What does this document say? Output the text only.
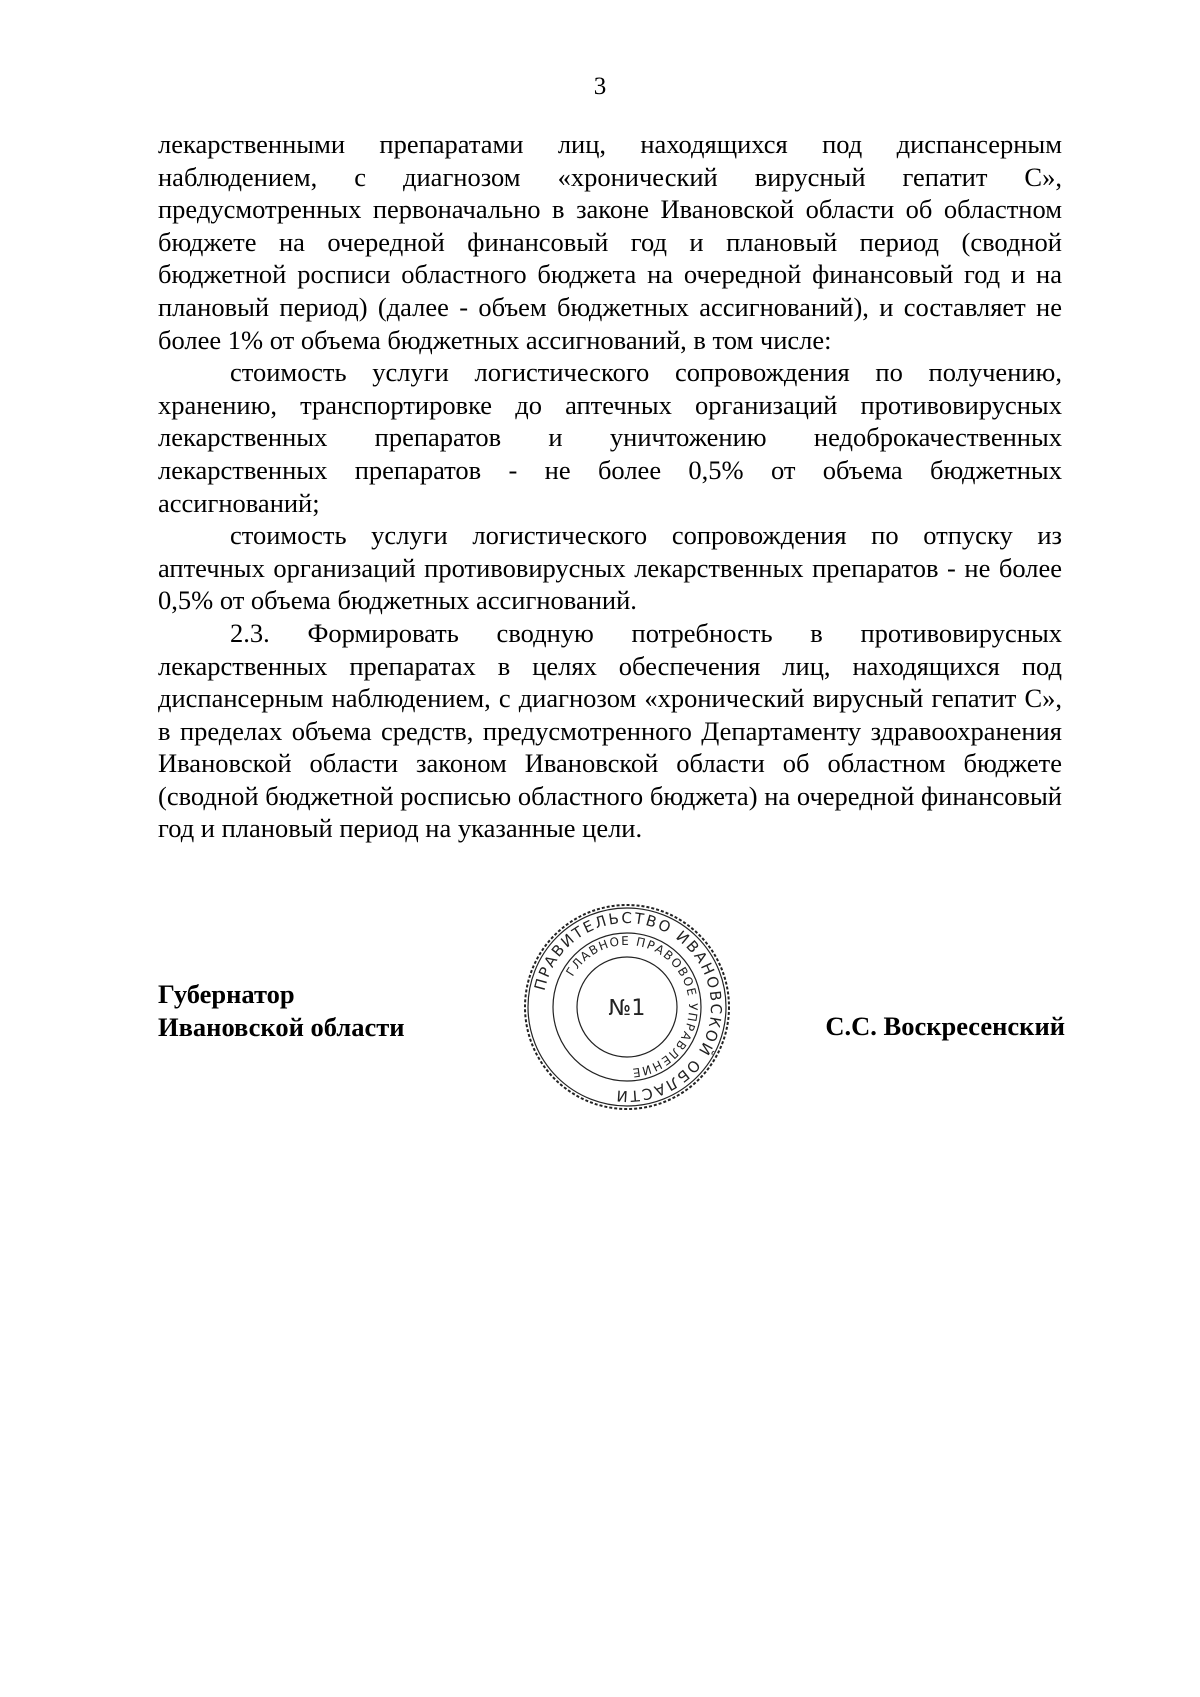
3

лекарственными препаратами лиц, находящихся под диспансерным наблюдением, с диагнозом «хронический вирусный гепатит С», предусмотренных первоначально в законе Ивановской области об областном бюджете на очередной финансовый год и плановый период (сводной бюджетной росписи областного бюджета на очередной финансовый год и на плановый период) (далее - объем бюджетных ассигнований), и составляет не более 1% от объема бюджетных ассигнований, в том числе:

стоимость услуги логистического сопровождения по получению, хранению, транспортировке до аптечных организаций противовирусных лекарственных препаратов и уничтожению недоброкачественных лекарственных препаратов - не более 0,5% от объема бюджетных ассигнований;

стоимость услуги логистического сопровождения по отпуску из аптечных организаций противовирусных лекарственных препаратов - не более 0,5% от объема бюджетных ассигнований.

2.3. Формировать сводную потребность в противовирусных лекарственных препаратах в целях обеспечения лиц, находящихся под диспансерным наблюдением, с диагнозом «хронический вирусный гепатит С», в пределах объема средств, предусмотренного Департаменту здравоохранения Ивановской области законом Ивановской области об областном бюджете (сводной бюджетной росписью областного бюджета) на очередной финансовый год и плановый период на указанные цели.

Губернатор
Ивановской области	С.С. Воскресенский
ПРАВИТЕЛЬСТВО ИВАНОВСКОЙ ОБЛАСТИ
ГЛАВНОЕ ПРАВОВОЕ УПРАВЛЕНИЕ
№1
